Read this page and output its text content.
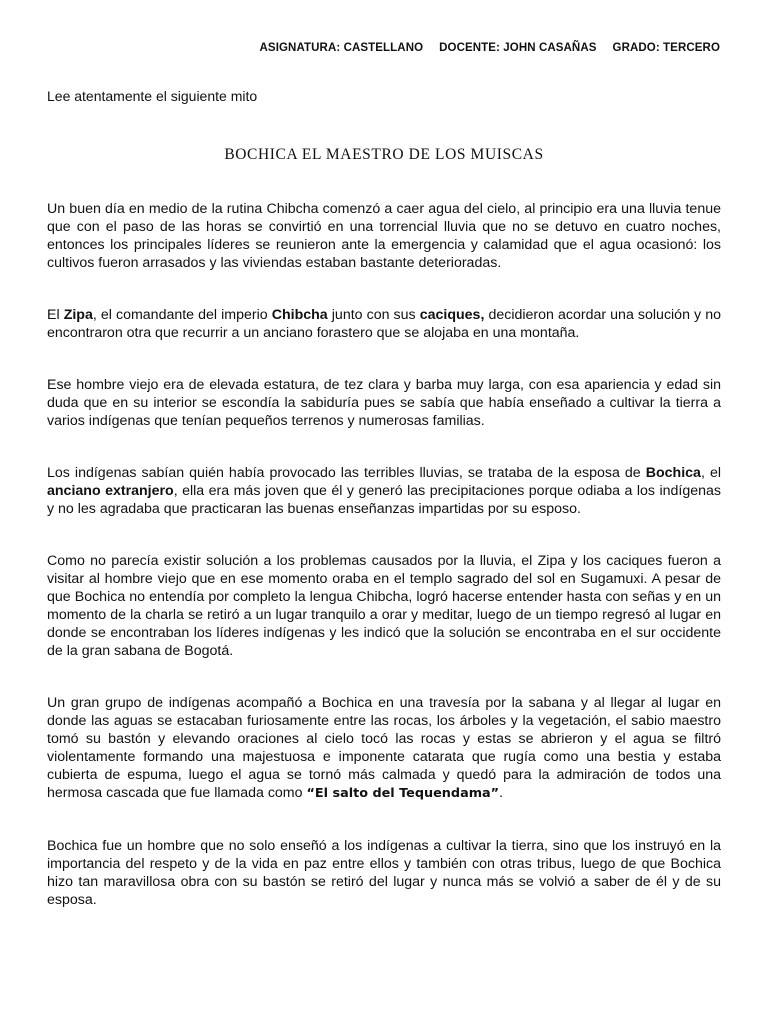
ASIGNATURA: CASTELLANO DOCENTE: JOHN CASAÑAS GRADO: TERCERO
Lee atentamente el siguiente mito
BOCHICA EL MAESTRO DE LOS MUISCAS

Un buen día en medio de la rutina Chibcha comenzó a caer agua del cielo, al principio era una lluvia tenue que con el paso de las horas se convirtió en una torrencial lluvia que no se detuvo en cuatro noches, entonces los principales líderes se reunieron ante la emergencia y calamidad que el agua ocasionó: los cultivos fueron arrasados y las viviendas estaban bastante deterioradas.

El Zipa, el comandante del imperio Chibcha junto con sus caciques, decidieron acordar una solución y no encontraron otra que recurrir a un anciano forastero que se alojaba en una montaña.

Ese hombre viejo era de elevada estatura, de tez clara y barba muy larga, con esa apariencia y edad sin duda que en su interior se escondía la sabiduría pues se sabía que había enseñado a cultivar la tierra a varios indígenas que tenían pequeños terrenos y numerosas familias.

Los indígenas sabían quién había provocado las terribles lluvias, se trataba de la esposa de Bochica, el anciano extranjero, ella era más joven que él y generó las precipitaciones porque odiaba a los indígenas y no les agradaba que practicaran las buenas enseñanzas impartidas por su esposo.

Como no parecía existir solución a los problemas causados por la lluvia, el Zipa y los caciques fueron a visitar al hombre viejo que en ese momento oraba en el templo sagrado del sol en Sugamuxi. A pesar de que Bochica no entendía por completo la lengua Chibcha, logró hacerse entender hasta con señas y en un momento de la charla se retiró a un lugar tranquilo a orar y meditar, luego de un tiempo regresó al lugar en donde se encontraban los líderes indígenas y les indicó que la solución se encontraba en el sur occidente de la gran sabana de Bogotá.

Un gran grupo de indígenas acompañó a Bochica en una travesía por la sabana y al llegar al lugar en donde las aguas se estacaban furiosamente entre las rocas, los árboles y la vegetación, el sabio maestro tomó su bastón y elevando oraciones al cielo tocó las rocas y estas se abrieron y el agua se filtró violentamente formando una majestuosa e imponente catarata que rugía como una bestia y estaba cubierta de espuma, luego el agua se tornó más calmada y quedó para la admiración de todos una hermosa cascada que fue llamada como “El salto del Tequendama”.

Bochica fue un hombre que no solo enseñó a los indígenas a cultivar la tierra, sino que los instruyó en la importancia del respeto y de la vida en paz entre ellos y también con otras tribus, luego de que Bochica hizo tan maravillosa obra con su bastón se retiró del lugar y nunca más se volvió a saber de él y de su esposa.
